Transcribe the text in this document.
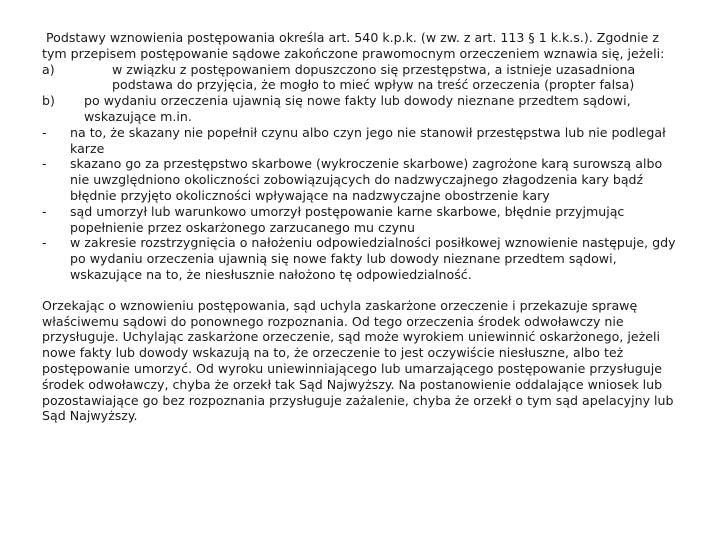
Podstawy wznowienia postępowania określa art. 540 k.p.k. (w zw. z art. 113 § 1 k.k.s.). Zgodnie z tym przepisem postępowanie sądowe zakończone prawomocnym orzeczeniem wznawia się, jeżeli:

a)	w związku z postępowaniem dopuszczono się przestępstwa, a istnieje uzasadniona podstawa do przyjęcia, że mogło to mieć wpływ na treść orzeczenia (propter falsa)
b)	po wydaniu orzeczenia ujawnią się nowe fakty lub dowody nieznane przedtem sądowi, wskazujące m.in.

- na to, że skazany nie popełnił czynu albo czyn jego nie stanowił przestępstwa lub nie podlegał karze

-	skazano go za przestępstwo skarbowe (wykroczenie skarbowe) zagrożone karą surowszą albo nie uwzględniono okoliczności zobowiązujących do nadzwyczajnego złagodzenia kary bądź błędnie przyjęto okoliczności wpływające na nadzwyczajne obostrzenie kary
-	sąd umorzył lub warunkowo umorzył postępowanie karne skarbowe, błędnie przyjmując popełnienie przez oskarżonego zarzucanego mu czynu
-	w zakresie rozstrzygnięcia o nałożeniu odpowiedzialności posiłkowej wznowienie następuje, gdy po wydaniu orzeczenia ujawnią się nowe fakty lub dowody nieznane przedtem sądowi, wskazujące na to, że niesłusznie nałożono tę odpowiedzialność.

Orzekając o wznowieniu postępowania, sąd uchyla zaskarżone orzeczenie i przekazuje sprawę właściwemu sądowi do ponownego rozpoznania. Od tego orzeczenia środek odwoławczy nie przysługuje. Uchylając zaskarżone orzeczenie, sąd może wyrokiem uniewinnić oskarżonego, jeżeli nowe fakty lub dowody wskazują na to, że orzeczenie to jest oczywiście niesłuszne, albo też postępowanie umorzyć. Od wyroku uniewinniającego lub umarzającego postępowanie przysługuje środek odwoławczy, chyba że orzekł tak Sąd Najwyższy. Na postanowienie oddalające wniosek lub pozostawiające go bez rozpoznania przysługuje zażalenie, chyba że orzekł o tym sąd apelacyjny lub Sąd Najwyższy.
